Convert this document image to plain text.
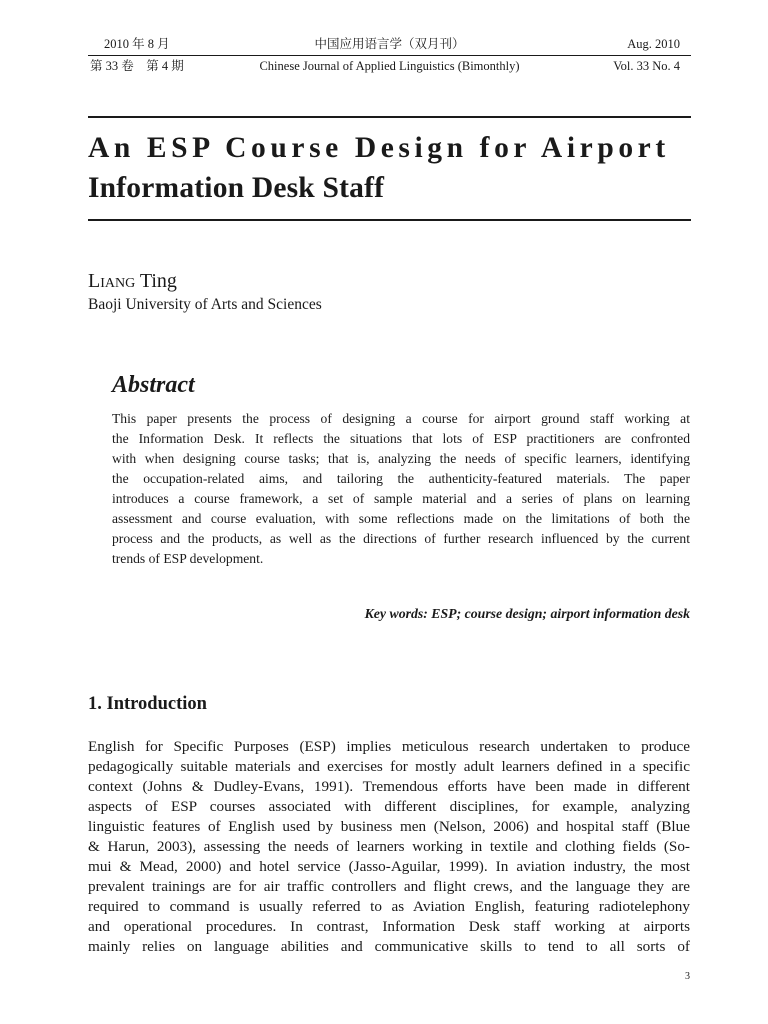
2010 年 8 月	中国应用语言学（双月刊）	Aug. 2010
第 33 卷　第 4 期	Chinese Journal of Applied Linguistics (Bimonthly)	Vol. 33 No. 4
An ESP Course Design for Airport
Information Desk Staff
Liang Ting
Baoji University of Arts and Sciences
Abstract

This paper presents the process of designing a course for airport ground staff working at
the Information Desk. It reflects the situations that lots of ESP practitioners are confronted
with when designing course tasks; that is, analyzing the needs of specific learners, identifying
the occupation-related aims, and tailoring the authenticity-featured materials. The paper
introduces a course framework, a set of sample material and a series of plans on learning
assessment and course evaluation, with some reflections made on the limitations of both the
process and the products, as well as the directions of further research influenced by the current
trends of ESP development.

Key words: ESP; course design; airport information desk
1. Introduction

English for Specific Purposes (ESP) implies meticulous research undertaken to produce
pedagogically suitable materials and exercises for mostly adult learners defined in a specific
context (Johns & Dudley-Evans, 1991). Tremendous efforts have been made in different
aspects of ESP courses associated with different disciplines, for example, analyzing
linguistic features of English used by business men (Nelson, 2006) and hospital staff (Blue
& Harun, 2003), assessing the needs of learners working in textile and clothing fields (So-
mui & Mead, 2000) and hotel service (Jasso-Aguilar, 1999). In aviation industry, the most
prevalent trainings are for air traffic controllers and flight crews, and the language they are
required to command is usually referred to as Aviation English, featuring radiotelephony
and operational procedures. In contrast, Information Desk staff working at airports
mainly relies on language abilities and communicative skills to tend to all sorts of

3
